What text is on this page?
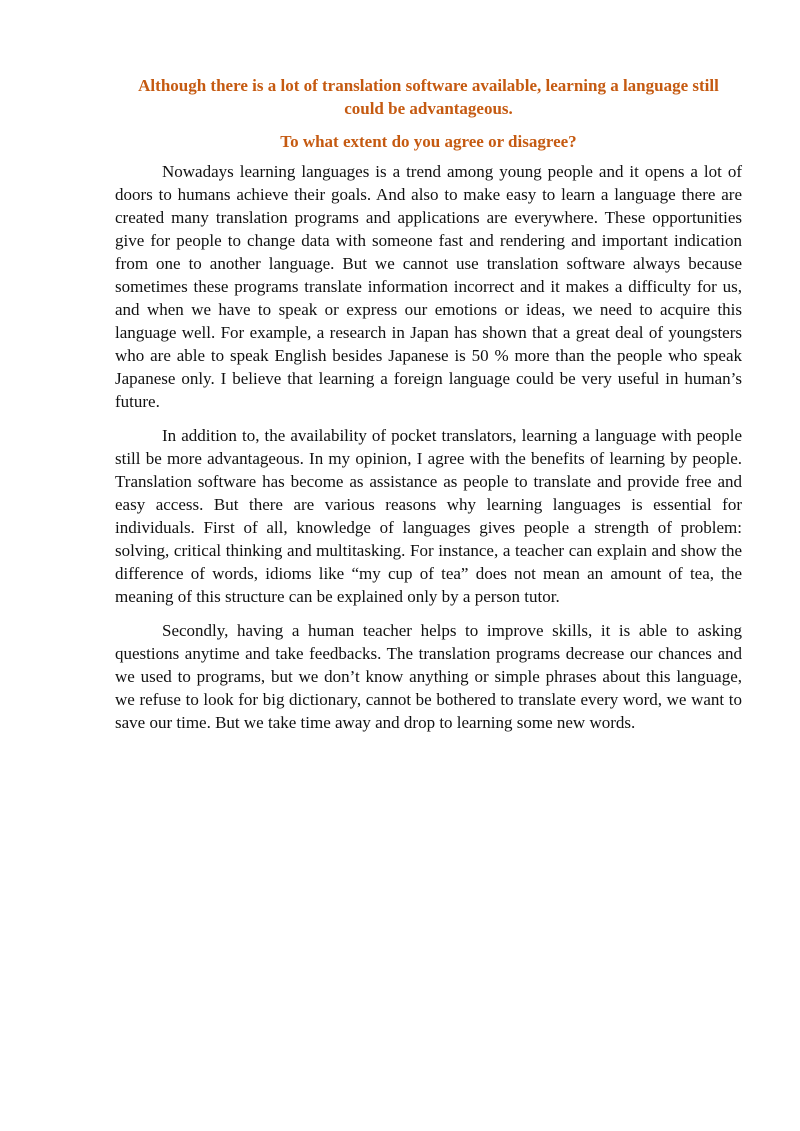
Although there is a lot of translation software available, learning a language still could be advantageous.
To what extent do you agree or disagree?

Nowadays learning languages is a trend among young people and it opens a lot of doors to humans achieve their goals. And also to make easy to learn a language there are created many translation programs and applications are everywhere. These opportunities give for people to change data with someone fast and rendering and important indication from one to another language. But we cannot use translation software always because sometimes these programs translate information incorrect and it makes a difficulty for us, and when we have to speak or express our emotions or ideas, we need to acquire this language well. For example, a research in Japan has shown that a great deal of youngsters who are able to speak English besides Japanese is 50 % more than the people who speak Japanese only. I believe that learning a foreign language could be very useful in human’s future.

In addition to, the availability of pocket translators, learning a language with people still be more advantageous. In my opinion, I agree with the benefits of learning by people. Translation software has become as assistance as people to translate and provide free and easy access. But there are various reasons why learning languages is essential for individuals. First of all, knowledge of languages gives people a strength of problem: solving, critical thinking and multitasking. For instance, a teacher can explain and show the difference of words, idioms like “my cup of tea” does not mean an amount of tea, the meaning of this structure can be explained only by a person tutor.

Secondly, having a human teacher helps to improve skills, it is able to asking questions anytime and take feedbacks. The translation programs decrease our chances and we used to programs, but we don’t know anything or simple phrases about this language, we refuse to look for big dictionary, cannot be bothered to translate every word, we want to save our time. But we take time away and drop to learning some new words.
